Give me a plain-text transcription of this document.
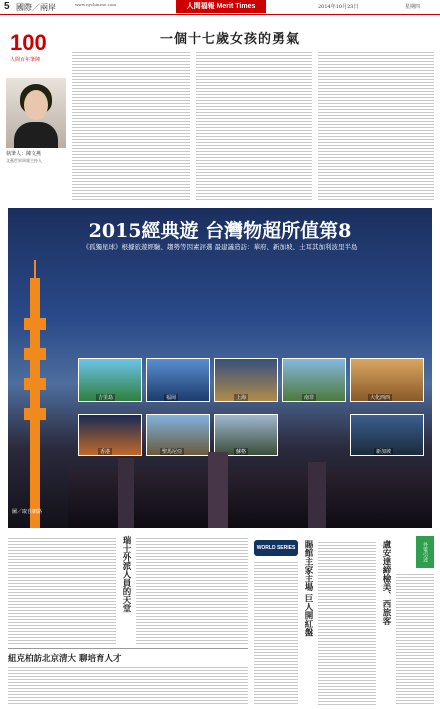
5 國際／兩岸	www.nychinese.com	人間福報 Merit Times	2014年10月23日	星期四
100
人間百年筆陣
執筆人：陳文燕
文燕世界周報主持人
一個十七歲女孩的勇氣
2015經典遊 台灣物超所值第8
《孤獨星球》根據旅遊經驗、趨勢等因素評選 最建議造訪：華府、新加坡、土耳其加利波里半島
吉里島	福岡	上海	南非	大化西西
香港	聖馬尼亞	蘇格	新加坡
圖／取自網路
瑞士外派人員的天堂
紐克柏訪北京清大 聊培育人才
WORLD SERIES 賜館主家主場 巨人開紅盤	盧安達締檢美、西旅客	外電引述
